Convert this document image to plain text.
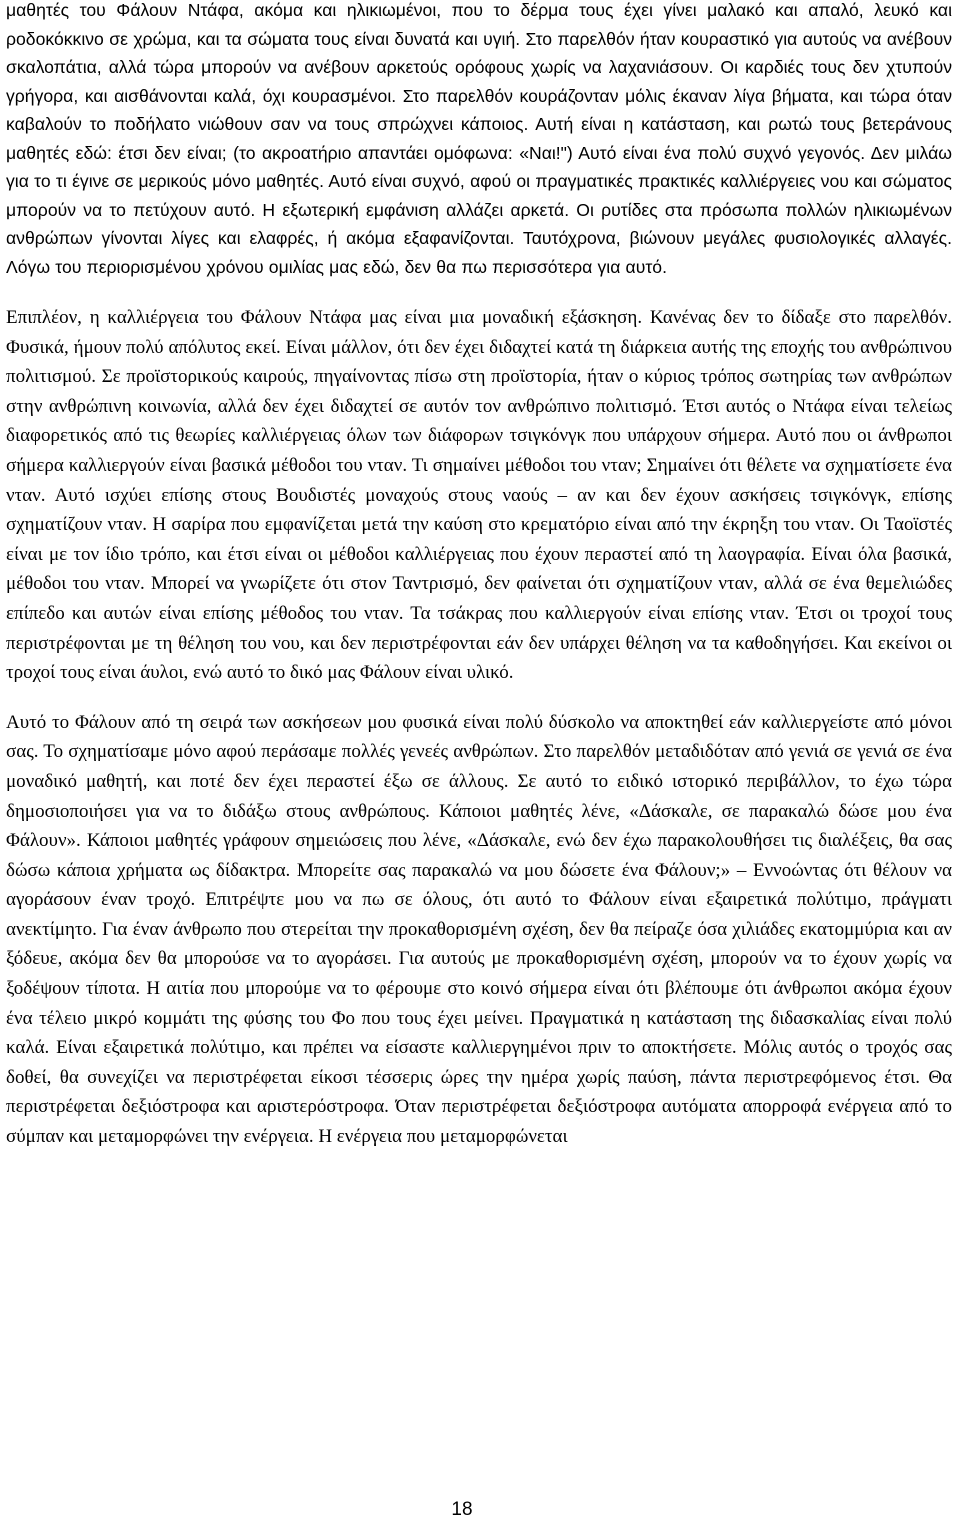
μαθητές του Φάλουν Ντάφα, ακόμα και ηλικιωμένοι, που το δέρμα τους έχει γίνει μαλακό και απαλό, λευκό και ροδοκόκκινο σε χρώμα, και τα σώματα τους είναι δυνατά και υγιή. Στο παρελθόν ήταν κουραστικό για αυτούς να ανέβουν σκαλοπάτια, αλλά τώρα μπορούν να ανέβουν αρκετούς ορόφους χωρίς να λαχανιάσουν. Οι καρδιές τους δεν χτυπούν γρήγορα, και αισθάνονται καλά, όχι κουρασμένοι. Στο παρελθόν κουράζονταν μόλις έκαναν λίγα βήματα, και τώρα όταν καβαλούν το ποδήλατο νιώθουν σαν να τους σπρώχνει κάποιος. Αυτή είναι η κατάσταση, και ρωτώ τους βετεράνους μαθητές εδώ: έτσι δεν είναι; (το ακροατήριο απαντάει ομόφωνα: «Ναι!") Αυτό είναι ένα πολύ συχνό γεγονός. Δεν μιλάω για το τι έγινε σε μερικούς μόνο μαθητές. Αυτό είναι συχνό, αφού οι πραγματικές πρακτικές καλλιέργειες νου και σώματος μπορούν να το πετύχουν αυτό. Η εξωτερική εμφάνιση αλλάζει αρκετά. Οι ρυτίδες στα πρόσωπα πολλών ηλικιωμένων ανθρώπων γίνονται λίγες και ελαφρές, ή ακόμα εξαφανίζονται. Ταυτόχρονα, βιώνουν μεγάλες φυσιολογικές αλλαγές. Λόγω του περιορισμένου χρόνου ομιλίας μας εδώ, δεν θα πω περισσότερα για αυτό.

Επιπλέον, η καλλιέργεια του Φάλουν Ντάφα μας είναι μια μοναδική εξάσκηση. Κανένας δεν το δίδαξε στο παρελθόν. Φυσικά, ήμουν πολύ απόλυτος εκεί. Είναι μάλλον, ότι δεν έχει διδαχτεί κατά τη διάρκεια αυτής της εποχής του ανθρώπινου πολιτισμού. Σε προϊστορικούς καιρούς, πηγαίνοντας πίσω στη προϊστορία, ήταν ο κύριος τρόπος σωτηρίας των ανθρώπων στην ανθρώπινη κοινωνία, αλλά δεν έχει διδαχτεί σε αυτόν τον ανθρώπινο πολιτισμό. Έτσι αυτός ο Ντάφα είναι τελείως διαφορετικός από τις θεωρίες καλλιέργειας όλων των διάφορων τσιγκόνγκ που υπάρχουν σήμερα. Αυτό που οι άνθρωποι σήμερα καλλιεργούν είναι βασικά μέθοδοι του νταν. Τι σημαίνει μέθοδοι του νταν; Σημαίνει ότι θέλετε να σχηματίσετε ένα νταν. Αυτό ισχύει επίσης στους Βουδιστές μοναχούς στους ναούς – αν και δεν έχουν ασκήσεις τσιγκόνγκ, επίσης σχηματίζουν νταν. Η σαρίρα που εμφανίζεται μετά την καύση στο κρεματόριο είναι από την έκρηξη του νταν. Οι Ταοϊστές είναι με τον ίδιο τρόπο, και έτσι είναι οι μέθοδοι καλλιέργειας που έχουν περαστεί από τη λαογραφία. Είναι όλα βασικά, μέθοδοι του νταν. Μπορεί να γνωρίζετε ότι στον Ταντρισμό, δεν φαίνεται ότι σχηματίζουν νταν, αλλά σε ένα θεμελιώδες επίπεδο και αυτών είναι επίσης μέθοδος του νταν. Τα τσάκρας που καλλιεργούν είναι επίσης νταν. Έτσι οι τροχοί τους περιστρέφονται με τη θέληση του νου, και δεν περιστρέφονται εάν δεν υπάρχει θέληση να τα καθοδηγήσει. Και εκείνοι οι τροχοί τους είναι άυλοι, ενώ αυτό το δικό μας Φάλουν είναι υλικό.

Αυτό το Φάλουν από τη σειρά των ασκήσεων μου φυσικά είναι πολύ δύσκολο να αποκτηθεί εάν καλλιεργείστε από μόνοι σας. Το σχηματίσαμε μόνο αφού περάσαμε πολλές γενεές ανθρώπων. Στο παρελθόν μεταδιδόταν από γενιά σε γενιά σε ένα μοναδικό μαθητή, και ποτέ δεν έχει περαστεί έξω σε άλλους. Σε αυτό το ειδικό ιστορικό περιβάλλον, το έχω τώρα δημοσιοποιήσει για να το διδάξω στους ανθρώπους. Κάποιοι μαθητές λένε, «Δάσκαλε, σε παρακαλώ δώσε μου ένα Φάλουν». Κάποιοι μαθητές γράφουν σημειώσεις που λένε, «Δάσκαλε, ενώ δεν έχω παρακολουθήσει τις διαλέξεις, θα σας δώσω κάποια χρήματα ως δίδακτρα. Μπορείτε σας παρακαλώ να μου δώσετε ένα Φάλουν;» – Εννοώντας ότι θέλουν να αγοράσουν έναν τροχό. Επιτρέψτε μου να πω σε όλους, ότι αυτό το Φάλουν είναι εξαιρετικά πολύτιμο, πράγματι ανεκτίμητο. Για έναν άνθρωπο που στερείται την προκαθορισμένη σχέση, δεν θα πείραζε όσα χιλιάδες εκατομμύρια και αν ξόδευε, ακόμα δεν θα μπορούσε να το αγοράσει. Για αυτούς με προκαθορισμένη σχέση, μπορούν να το έχουν χωρίς να ξοδέψουν τίποτα. Η αιτία που μπορούμε να το φέρουμε στο κοινό σήμερα είναι ότι βλέπουμε ότι άνθρωποι ακόμα έχουν ένα τέλειο μικρό κομμάτι της φύσης του Φο που τους έχει μείνει. Πραγματικά η κατάσταση της διδασκαλίας είναι πολύ καλά. Είναι εξαιρετικά πολύτιμο, και πρέπει να είσαστε καλλιεργημένοι πριν το αποκτήσετε. Μόλις αυτός ο τροχός σας δοθεί, θα συνεχίζει να περιστρέφεται είκοσι τέσσερις ώρες την ημέρα χωρίς παύση, πάντα περιστρεφόμενος έτσι. Θα περιστρέφεται δεξιόστροφα και αριστερόστροφα. Όταν περιστρέφεται δεξιόστροφα αυτόματα απορροφά ενέργεια από το σύμπαν και μεταμορφώνει την ενέργεια. Η ενέργεια που μεταμορφώνεται

18
